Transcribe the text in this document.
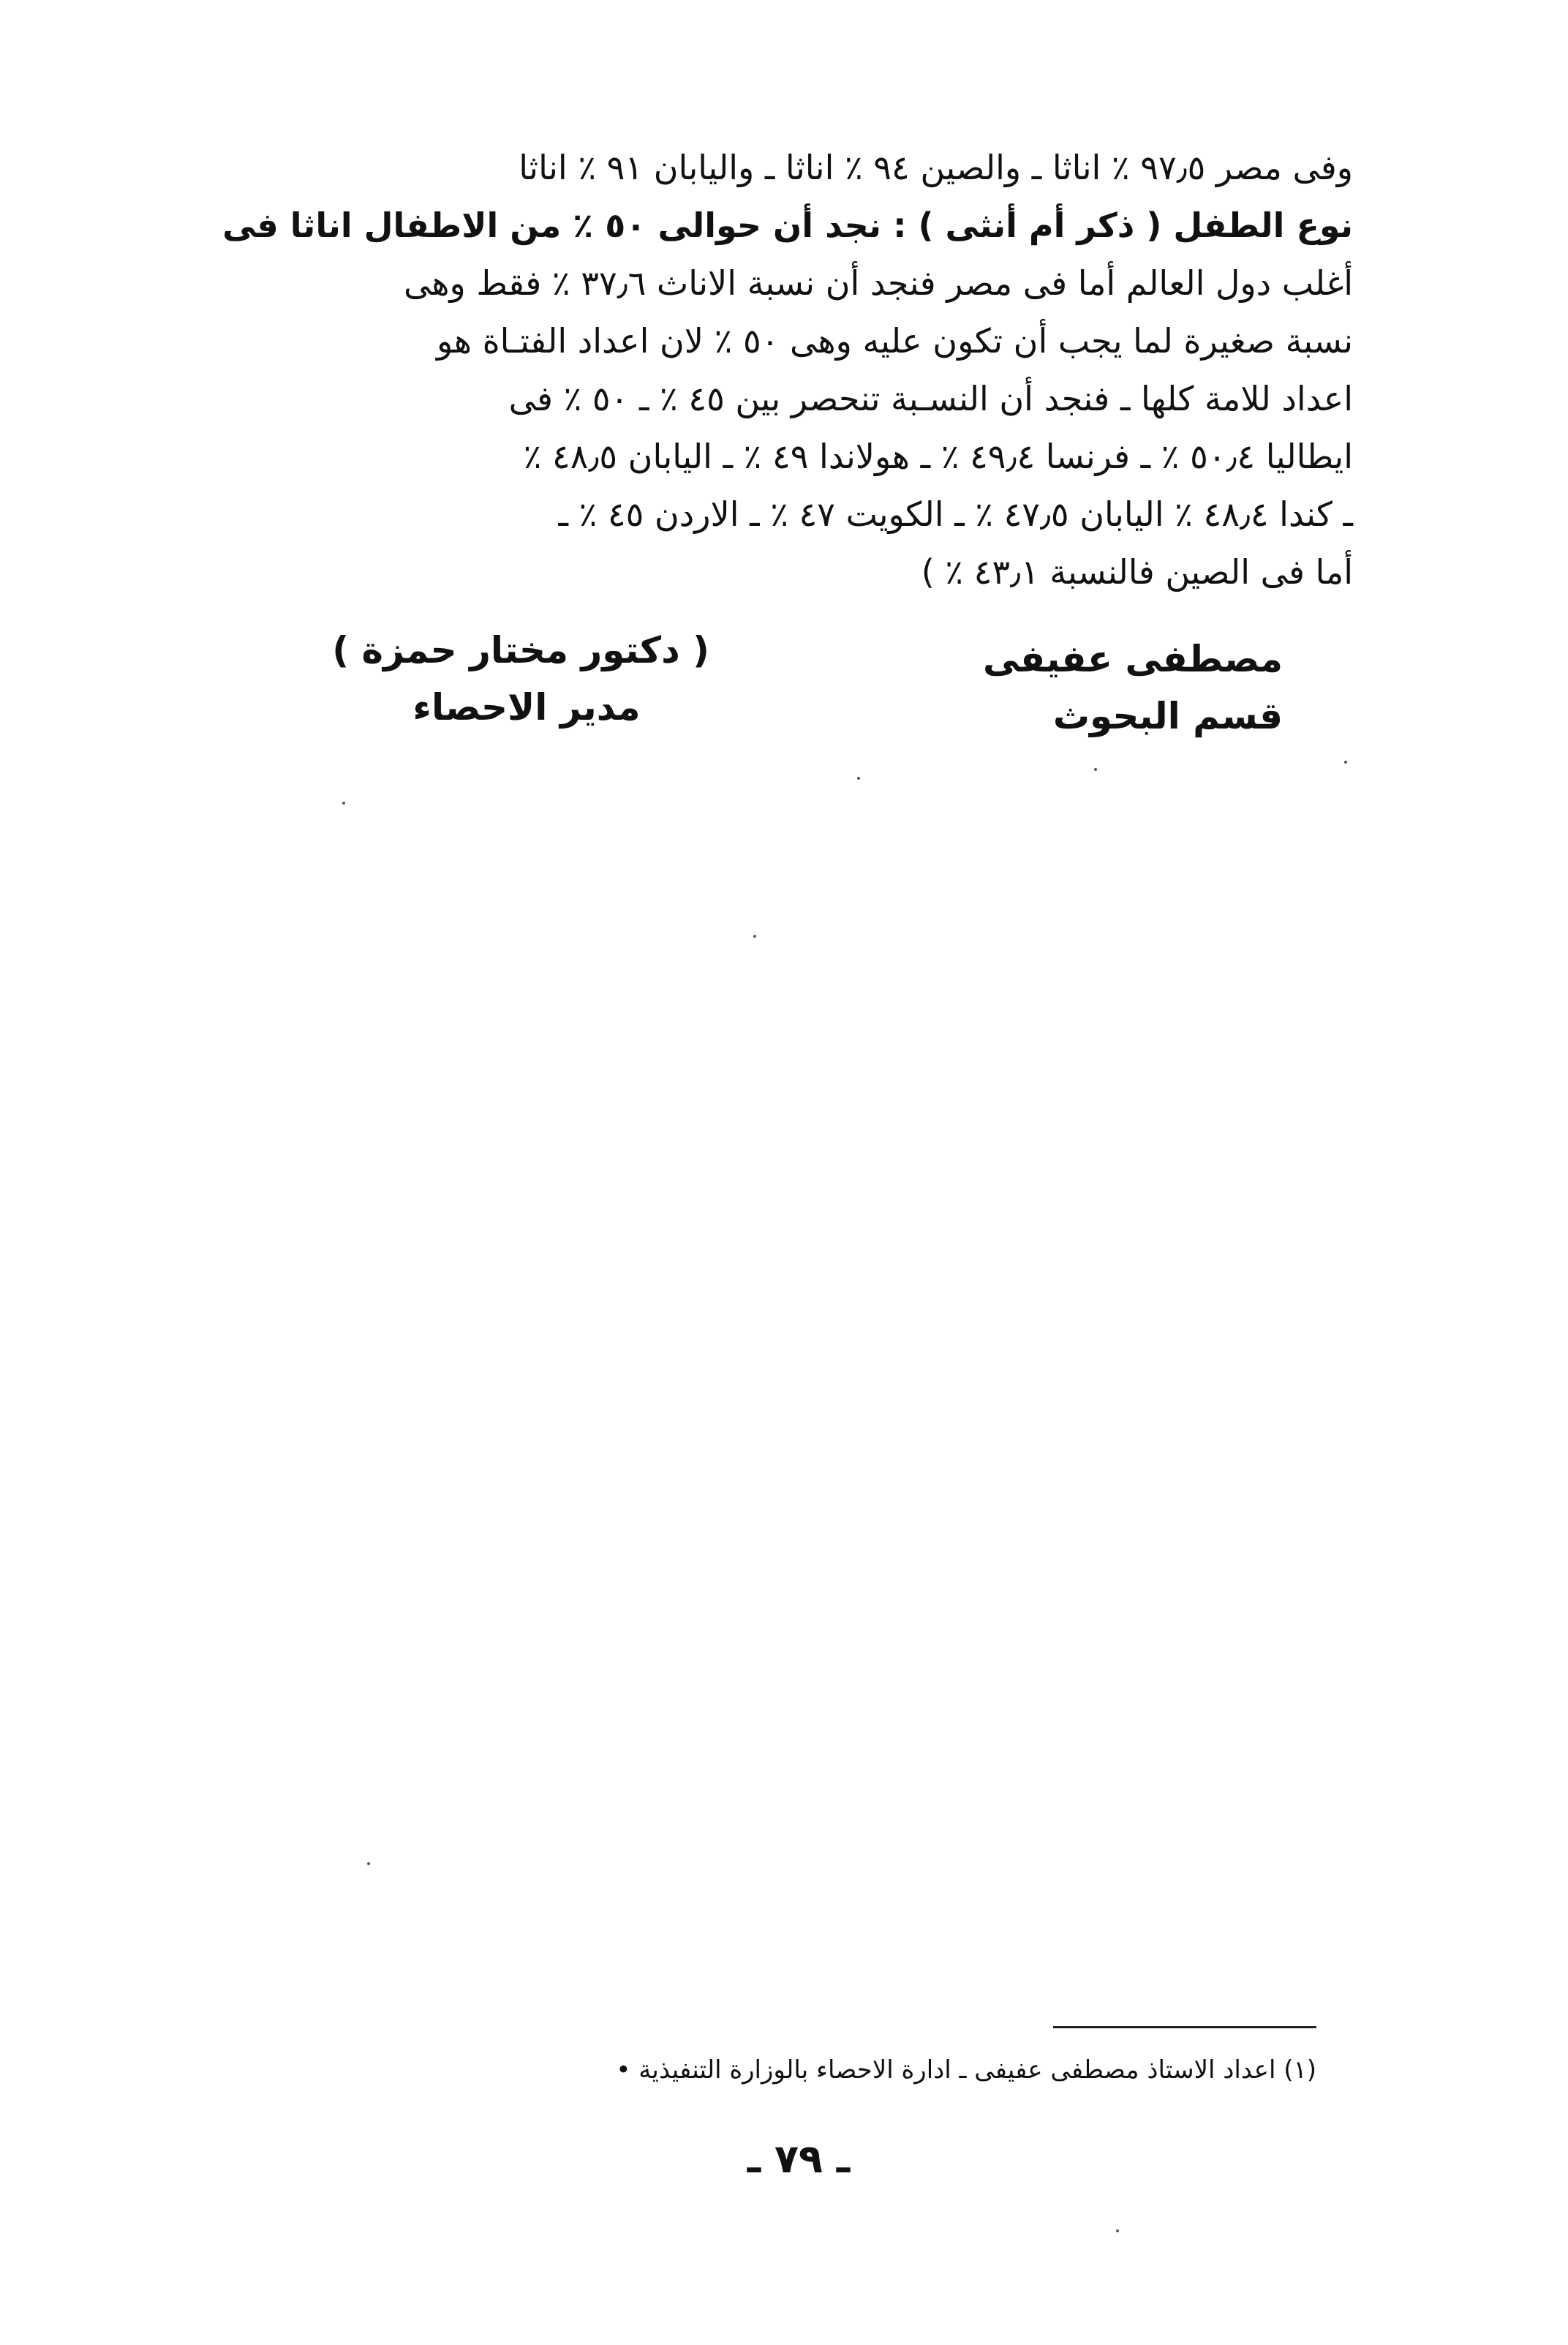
وفى مصر ٩٧٫٥ ٪ اناثا ـ والصين ٩٤ ٪ اناثا ـ واليابان ٩١ ٪ اناثا
نوع الطفل ( ذكر أم أنثى ) : نجد أن حوالى ٥٠ ٪ من الاطفال اناثا فى
أغلب دول العالم أما فى مصر فنجد أن نسبة الاناث ٣٧٫٦ ٪ فقط وهى
نسبة صغيرة لما يجب أن تكون عليه وهى ٥٠ ٪ لان اعداد الفتـاة هو
اعداد للامة كلها ـ فنجد أن النسـبة تنحصر بين ٤٥ ٪ ـ ٥٠ ٪ فى
ايطاليا ٥٠٫٤ ٪ ـ فرنسا ٤٩٫٤ ٪ ـ هولاندا ٤٩ ٪ ـ اليابان ٤٨٫٥ ٪
ـ كندا ٤٨٫٤ ٪ اليابان ٤٧٫٥ ٪ ـ الكويت ٤٧ ٪ ـ الاردن ٤٥ ٪ ـ
أما فى الصين فالنسبة ٤٣٫١ ٪ )
مصطفى عفيفى
قسم البحوث
( دكتور مختار حمزة )
مدير الاحصاء
(١) اعداد الاستاذ مصطفى عفيفى ـ ادارة الاحصاء بالوزارة التنفيذية •
ـ ٧٩ ـ
